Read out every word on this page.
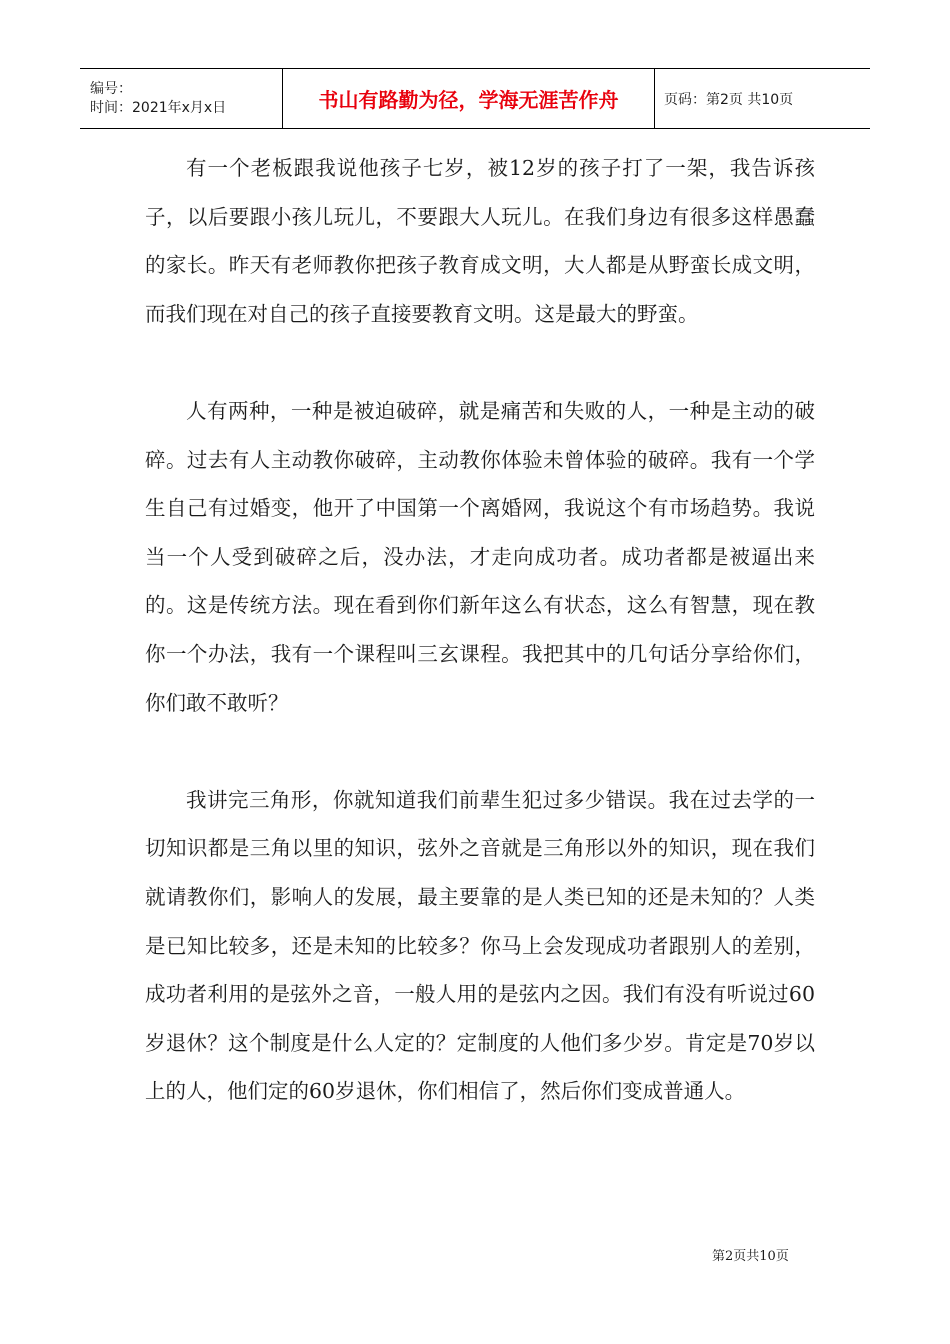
编号：
时间：2021年x月x日	书山有路勤为径，学海无涯苦作舟	页码：第2页 共10页

有一个老板跟我说他孩子七岁，被12岁的孩子打了一架，我告诉孩子，以后要跟小孩儿玩儿，不要跟大人玩儿。在我们身边有很多这样愚蠢的家长。昨天有老师教你把孩子教育成文明，大人都是从野蛮长成文明，而我们现在对自己的孩子直接要教育文明。这是最大的野蛮。

人有两种，一种是被迫破碎，就是痛苦和失败的人，一种是主动的破碎。过去有人主动教你破碎，主动教你体验未曾体验的破碎。我有一个学生自己有过婚变，他开了中国第一个离婚网，我说这个有市场趋势。我说当一个人受到破碎之后，没办法，才走向成功者。成功者都是被逼出来的。这是传统方法。现在看到你们新年这么有状态，这么有智慧，现在教你一个办法，我有一个课程叫三玄课程。我把其中的几句话分享给你们，你们敢不敢听？

我讲完三角形，你就知道我们前辈生犯过多少错误。我在过去学的一切知识都是三角以里的知识，弦外之音就是三角形以外的知识，现在我们就请教你们，影响人的发展，最主要靠的是人类已知的还是未知的？人类是已知比较多，还是未知的比较多？你马上会发现成功者跟别人的差别，成功者利用的是弦外之音，一般人用的是弦内之因。我们有没有听说过60岁退休？这个制度是什么人定的？定制度的人他们多少岁。肯定是70岁以上的人，他们定的60岁退休，你们相信了，然后你们变成普通人。

第2页共10页
